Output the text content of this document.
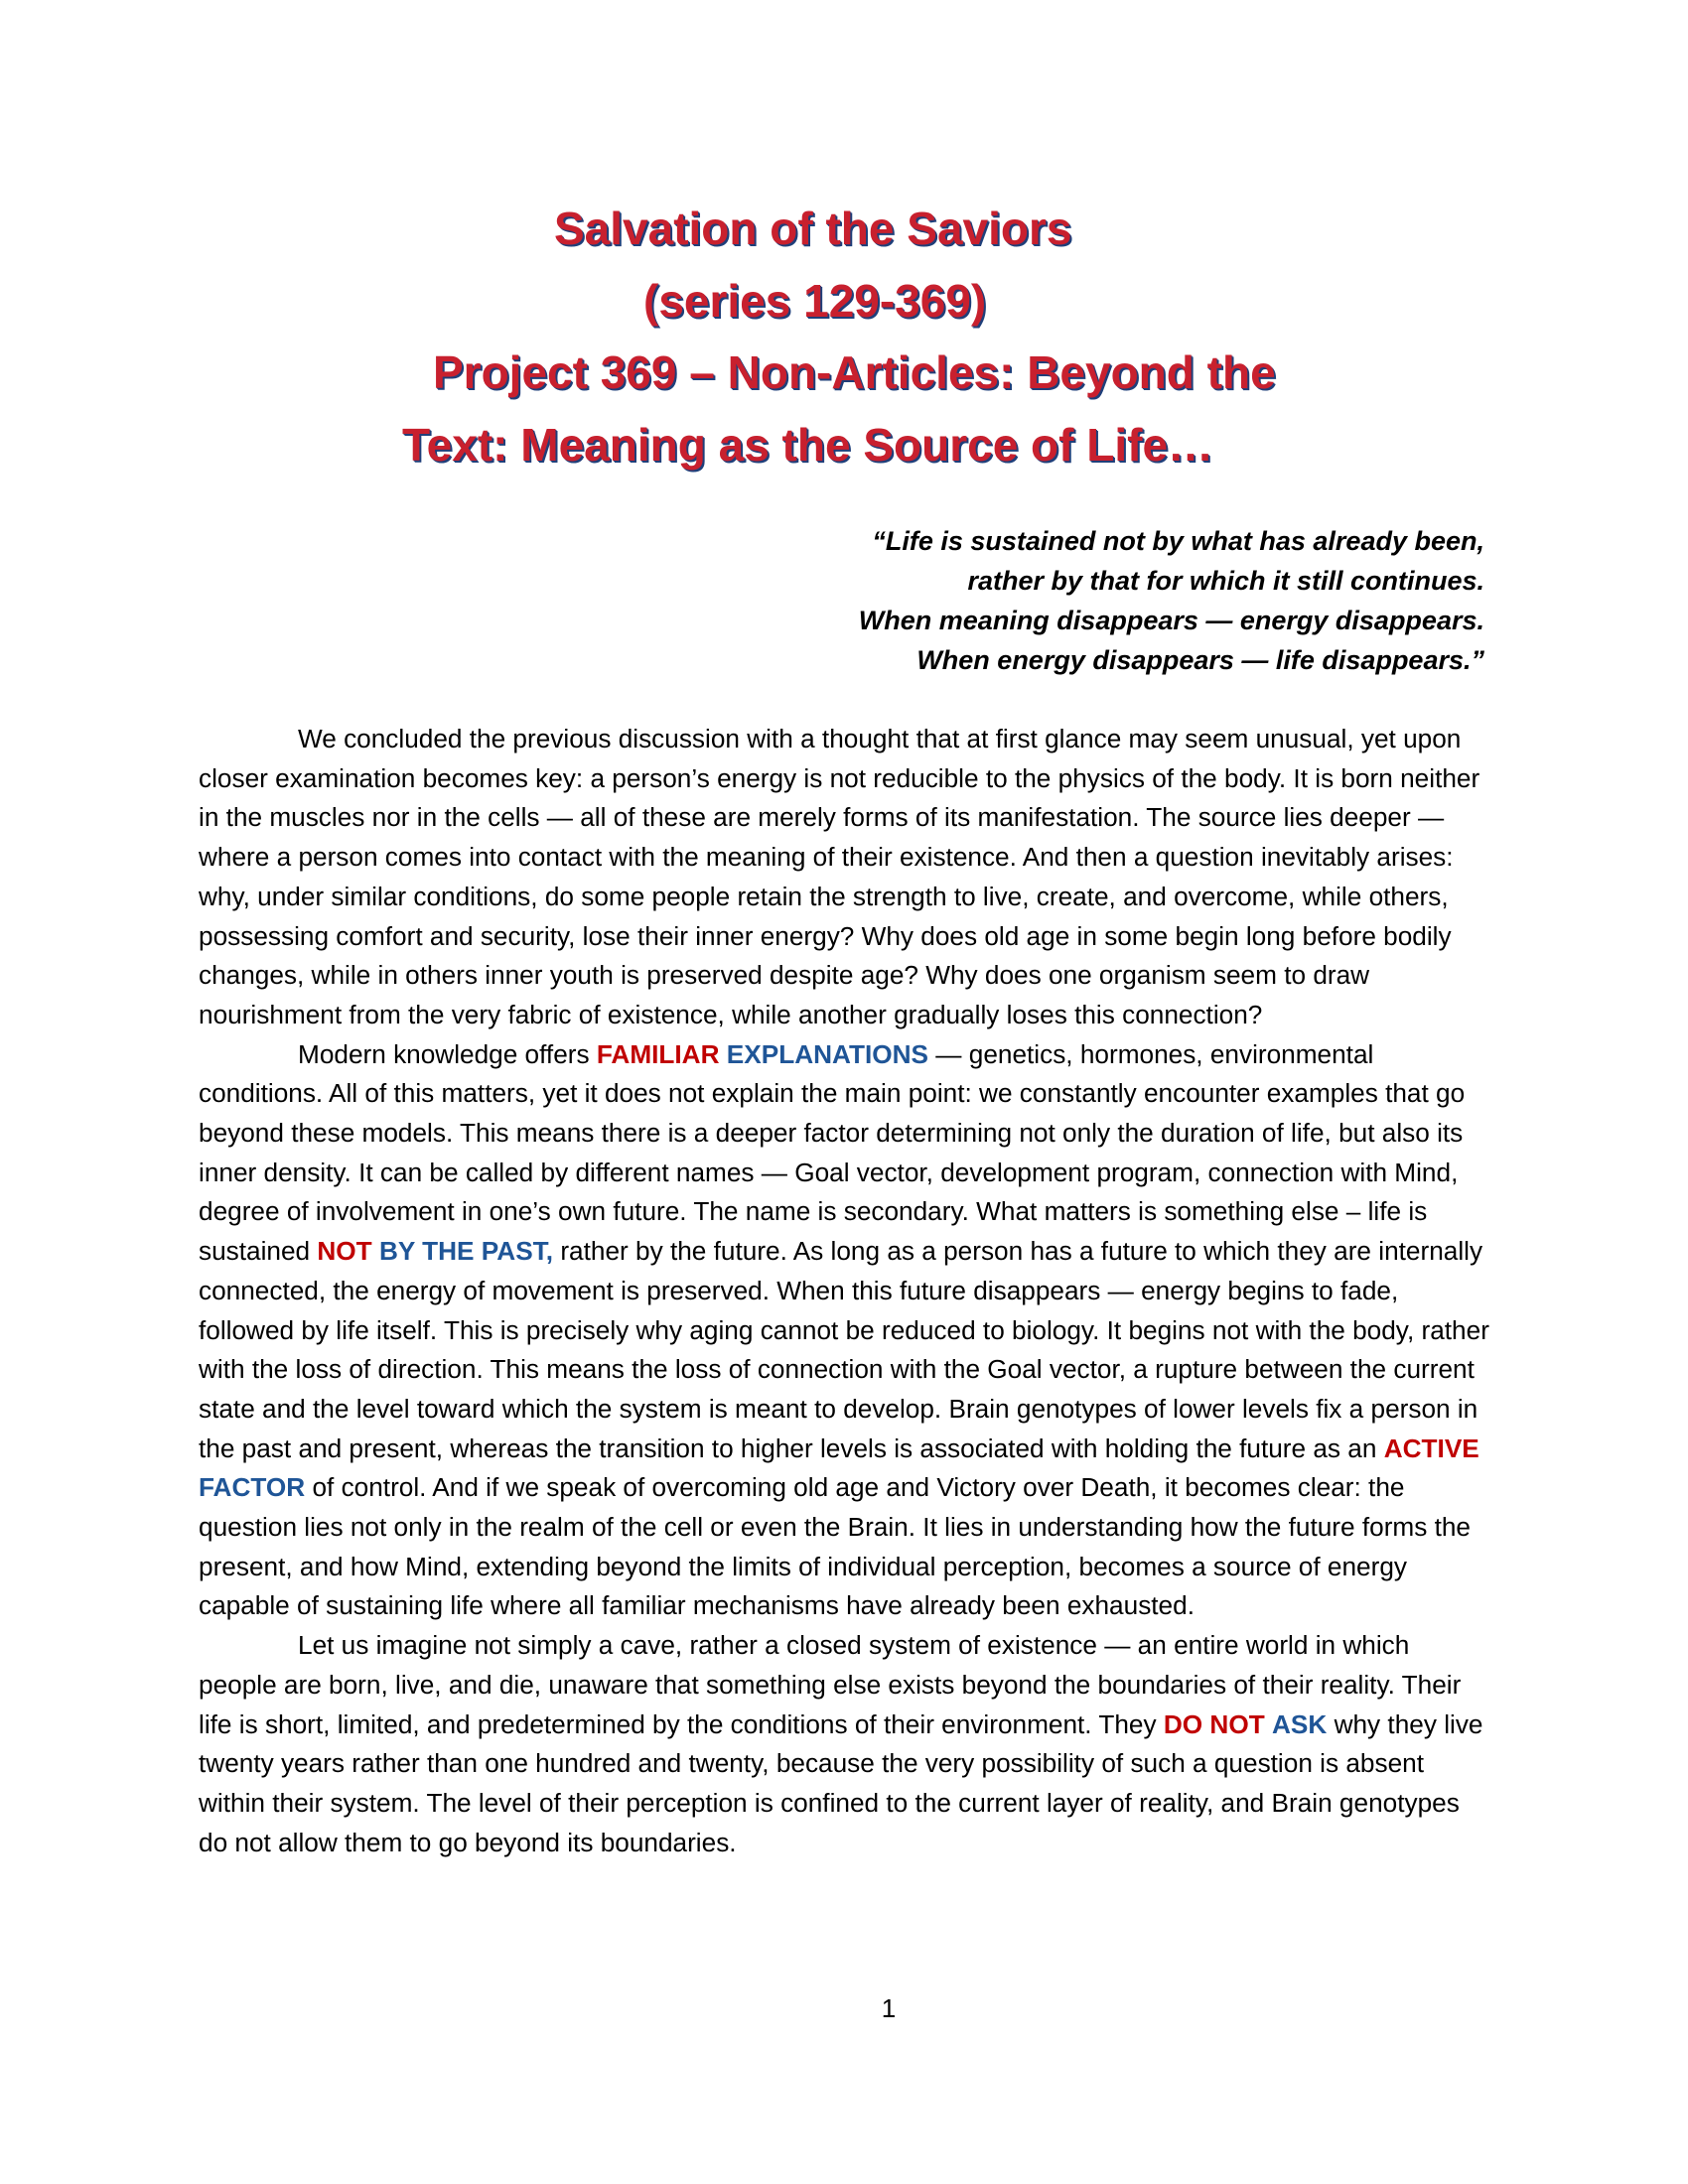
Salvation of the Saviors
(series 129-369)
Project 369 – Non-Articles: Beyond the
Text: Meaning as the Source of Life…
“Life is sustained not by what has already been,
rather by that for which it still continues.
When meaning disappears — energy disappears.
When energy disappears — life disappears.”

We concluded the previous discussion with a thought that at first glance may seem unusual, yet upon closer examination becomes key: a person’s energy is not reducible to the physics of the body. It is born neither in the muscles nor in the cells — all of these are merely forms of its manifestation. The source lies deeper — where a person comes into contact with the meaning of their existence. And then a question inevitably arises: why, under similar conditions, do some people retain the strength to live, create, and overcome, while others, possessing comfort and security, lose their inner energy? Why does old age in some begin long before bodily changes, while in others inner youth is preserved despite age? Why does one organism seem to draw nourishment from the very fabric of existence, while another gradually loses this connection?

Modern knowledge offers FAMILIAR EXPLANATIONS — genetics, hormones, environmental conditions. All of this matters, yet it does not explain the main point: we constantly encounter examples that go beyond these models. This means there is a deeper factor determining not only the duration of life, but also its inner density. It can be called by different names — Goal vector, development program, connection with Mind, degree of involvement in one’s own future. The name is secondary. What matters is something else – life is sustained NOT BY THE PAST, rather by the future. As long as a person has a future to which they are internally connected, the energy of movement is preserved. When this future disappears — energy begins to fade, followed by life itself. This is precisely why aging cannot be reduced to biology. It begins not with the body, rather with the loss of direction. This means the loss of connection with the Goal vector, a rupture between the current state and the level toward which the system is meant to develop. Brain genotypes of lower levels fix a person in the past and present, whereas the transition to higher levels is associated with holding the future as an ACTIVE FACTOR of control. And if we speak of overcoming old age and Victory over Death, it becomes clear: the question lies not only in the realm of the cell or even the Brain. It lies in understanding how the future forms the present, and how Mind, extending beyond the limits of individual perception, becomes a source of energy capable of sustaining life where all familiar mechanisms have already been exhausted.

Let us imagine not simply a cave, rather a closed system of existence — an entire world in which people are born, live, and die, unaware that something else exists beyond the boundaries of their reality. Their life is short, limited, and predetermined by the conditions of their environment. They DO NOT ASK why they live twenty years rather than one hundred and twenty, because the very possibility of such a question is absent within their system. The level of their perception is confined to the current layer of reality, and Brain genotypes do not allow them to go beyond its boundaries.

1
